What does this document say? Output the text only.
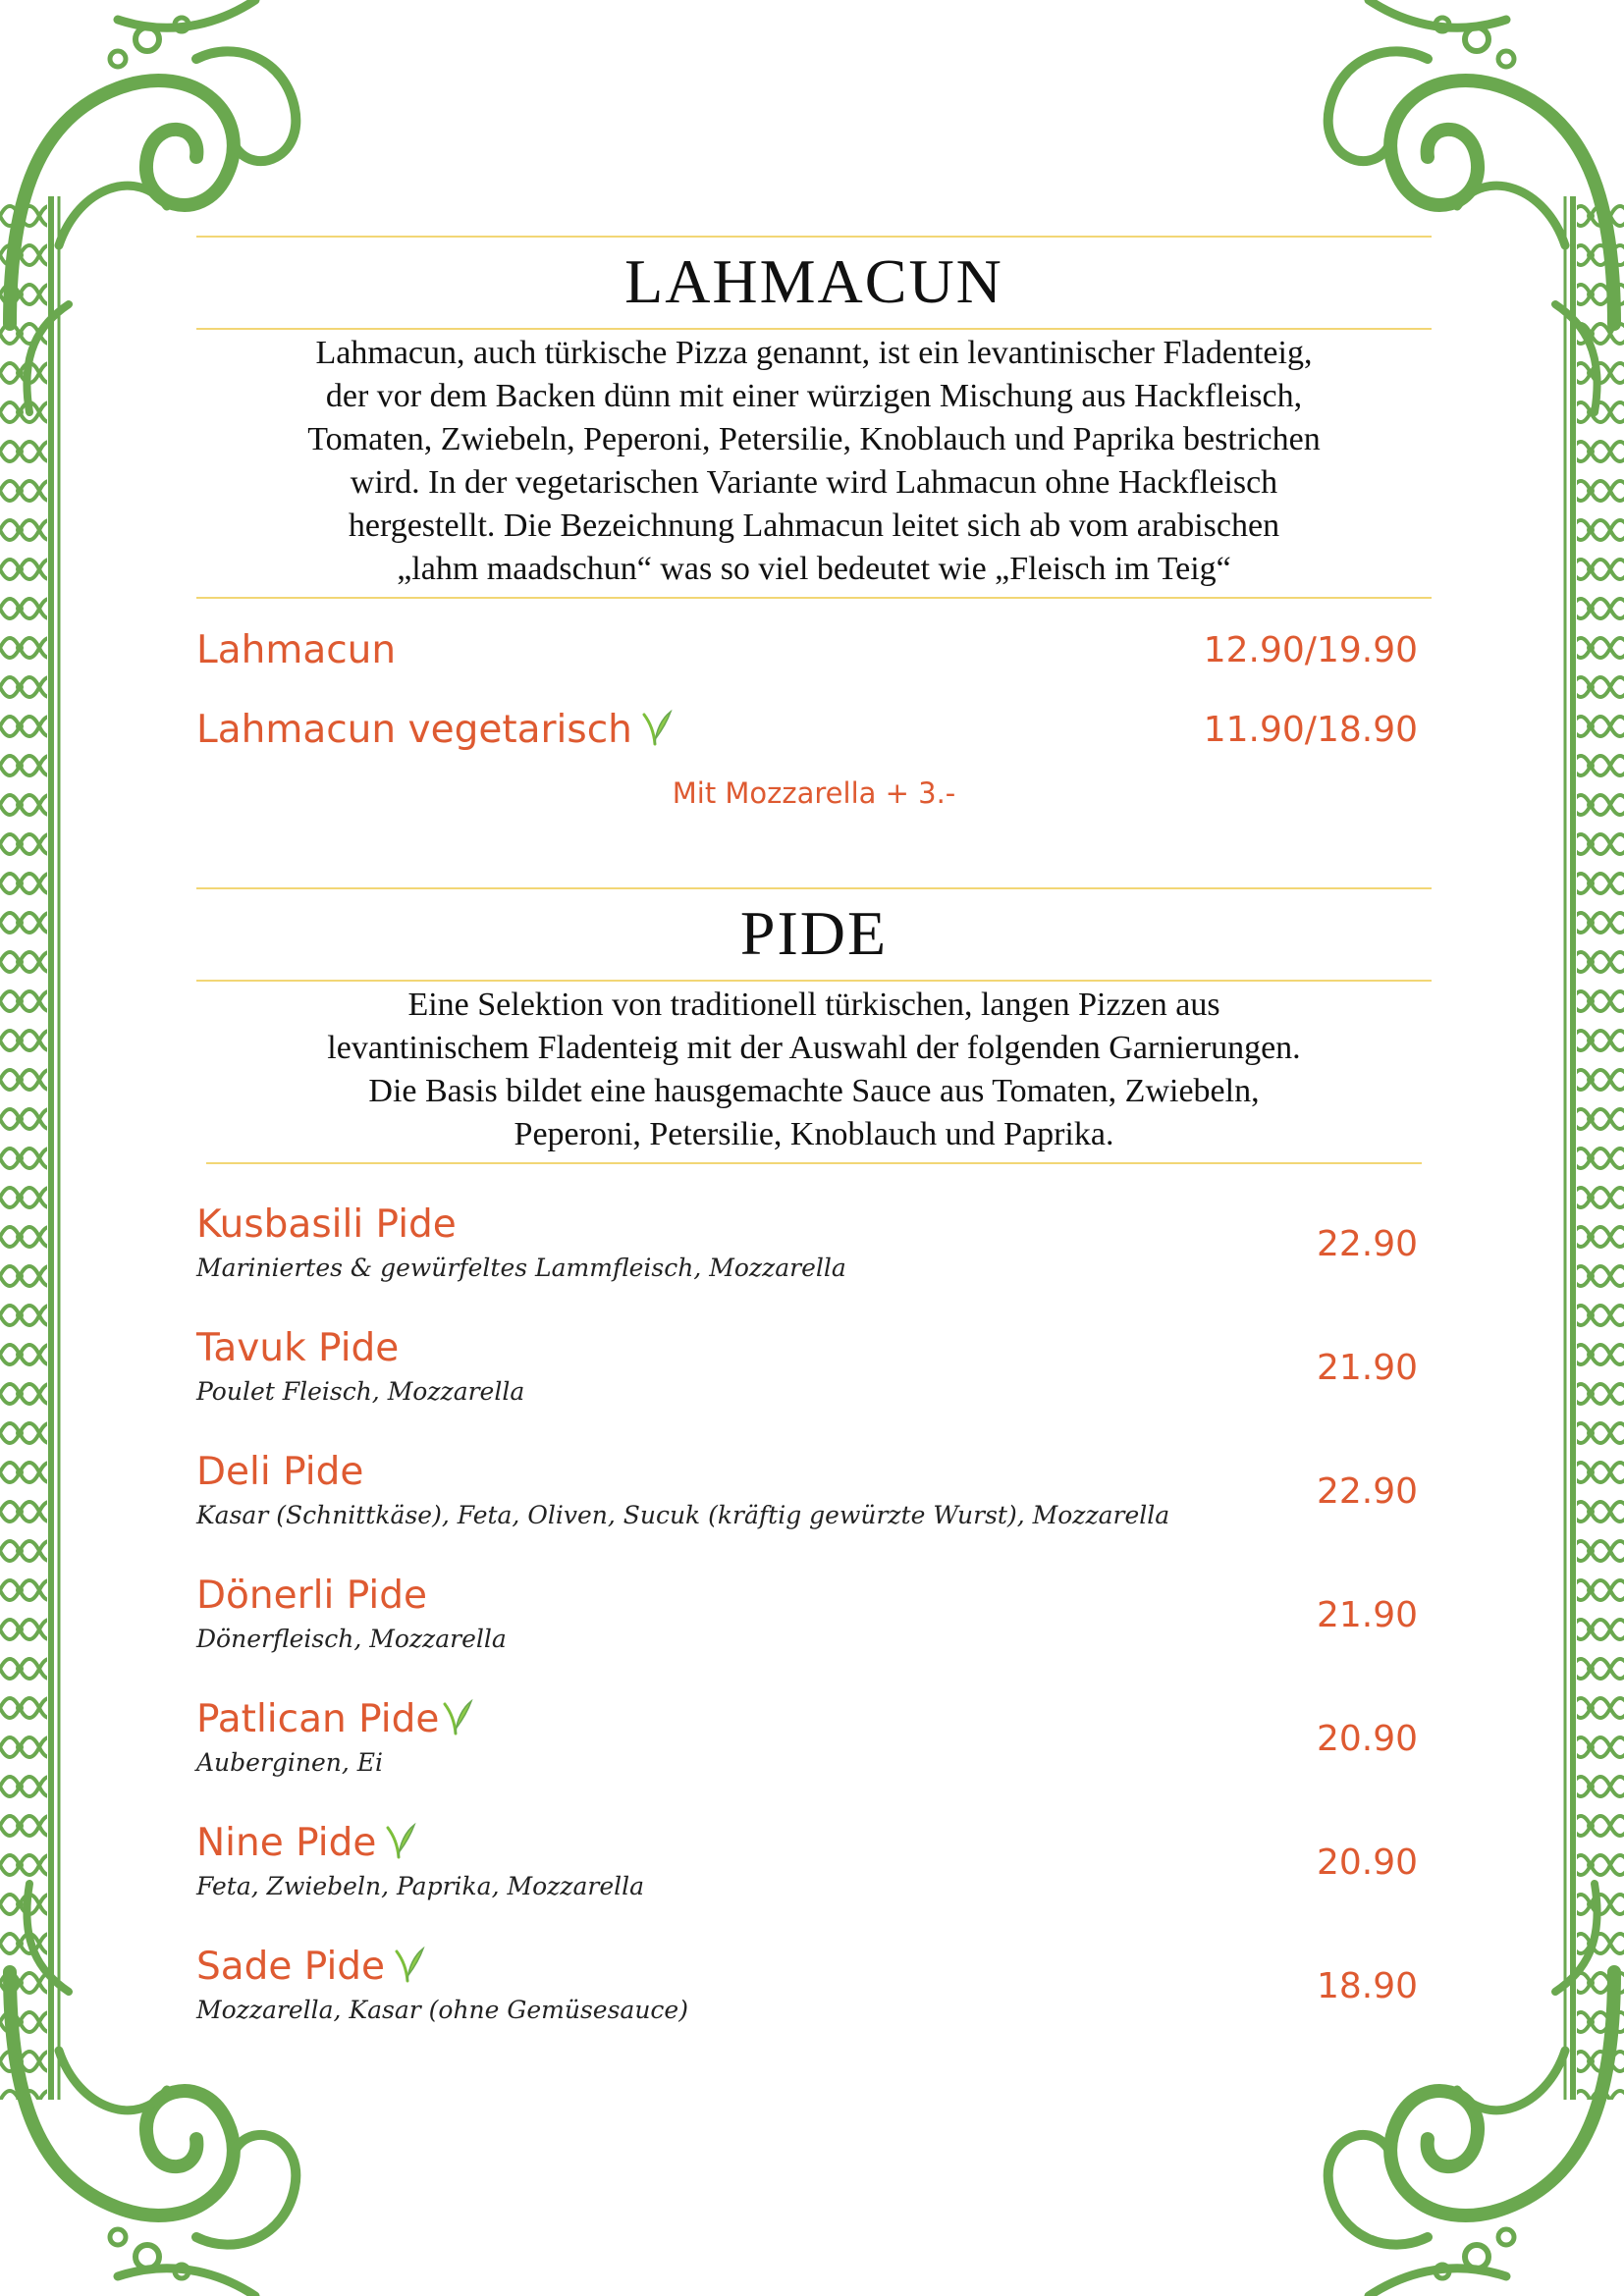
LAHMACUN
Lahmacun, auch türkische Pizza genannt, ist ein levantinischer Fladenteig,
der vor dem Backen dünn mit einer würzigen Mischung aus Hackfleisch,
Tomaten, Zwiebeln, Peperoni, Petersilie, Knoblauch und Paprika bestrichen
wird. In der vegetarischen Variante wird Lahmacun ohne Hackfleisch
hergestellt. Die Bezeichnung Lahmacun leitet sich ab vom arabischen
„lahm maadschun“ was so viel bedeutet wie „Fleisch im Teig“
Lahmacun	12.90/19.90
Lahmacun vegetarisch	11.90/18.90
Mit Mozzarella + 3.-
PIDE
Eine Selektion von traditionell türkischen, langen Pizzen aus
levantinischem Fladenteig mit der Auswahl der folgenden Garnierungen.
Die Basis bildet eine hausgemachte Sauce aus Tomaten, Zwiebeln,
Peperoni, Petersilie, Knoblauch und Paprika.
Kusbasili Pide
Mariniertes & gewürfeltes Lammfleisch, Mozzarella
22.90
Tavuk Pide
Poulet Fleisch, Mozzarella
21.90
Deli Pide
Kasar (Schnittkäse), Feta, Oliven, Sucuk (kräftig gewürzte Wurst), Mozzarella
22.90
Dönerli Pide
Dönerfleisch, Mozzarella
21.90
Patlican Pide
Auberginen, Ei
20.90
Nine Pide
Feta, Zwiebeln, Paprika, Mozzarella
20.90
Sade Pide
Mozzarella, Kasar (ohne Gemüsesauce)
18.90
